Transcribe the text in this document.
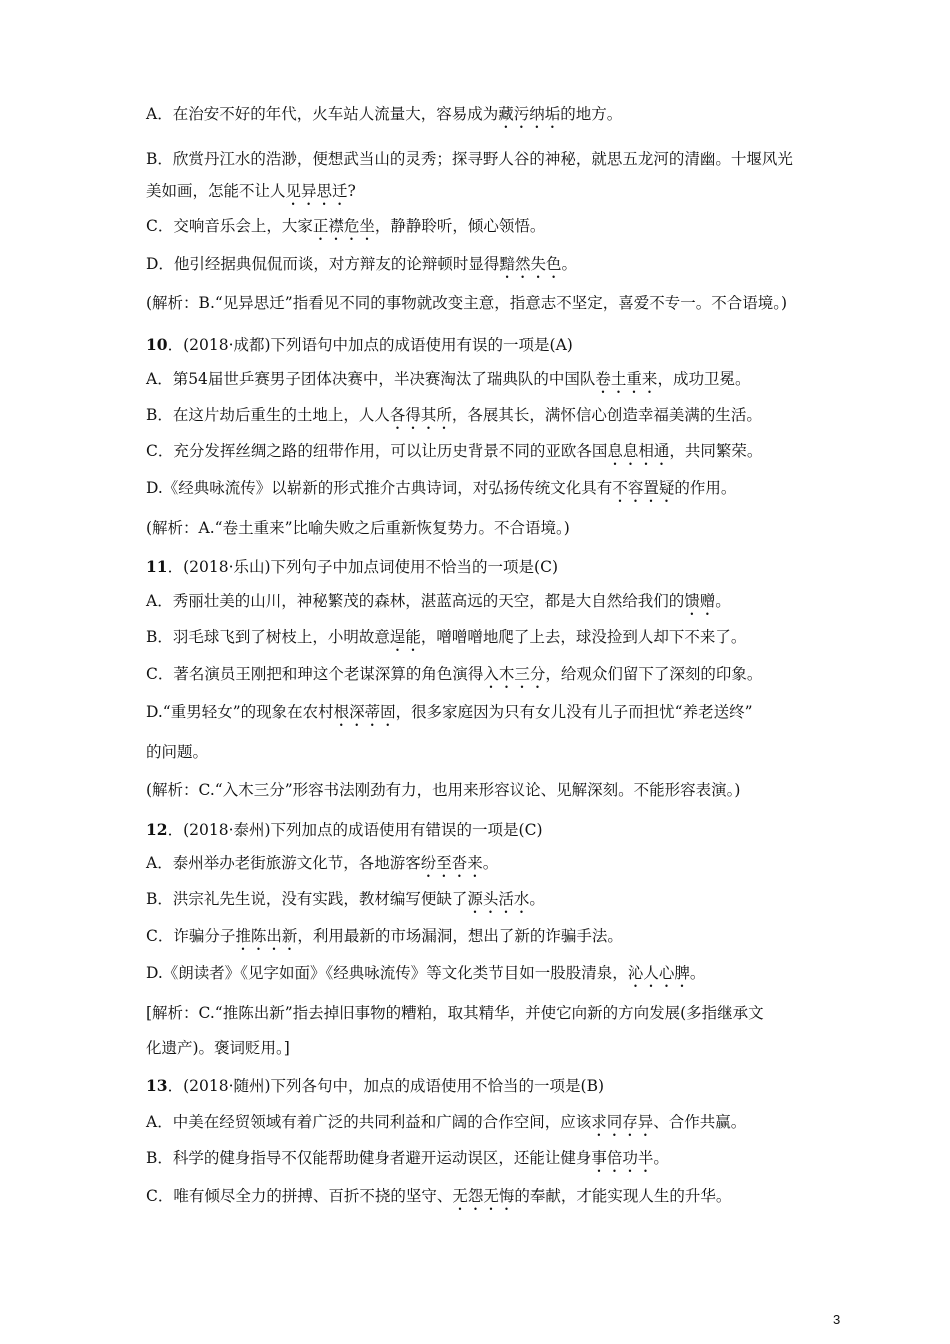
A．在治安不好的年代，火车站人流量大，容易成为藏污纳垢的地方。
B．欣赏丹江水的浩渺，便想武当山的灵秀；探寻野人谷的神秘，就思五龙河的清幽。十堰风光
美如画，怎能不让人见异思迁?
C．交响音乐会上，大家正襟危坐，静静聆听，倾心领悟。
D．他引经据典侃侃而谈，对方辩友的论辩顿时显得黯然失色。
(解析：B.“见异思迁”指看见不同的事物就改变主意，指意志不坚定，喜爱不专一。不合语境。)
10．(2018·成都)下列语句中加点的成语使用有误的一项是(A)
A．第54届世乒赛男子团体决赛中，半决赛淘汰了瑞典队的中国队卷土重来，成功卫冕。
B．在这片劫后重生的土地上，人人各得其所，各展其长，满怀信心创造幸福美满的生活。
C．充分发挥丝绸之路的纽带作用，可以让历史背景不同的亚欧各国息息相通，共同繁荣。
D.《经典咏流传》以崭新的形式推介古典诗词，对弘扬传统文化具有不容置疑的作用。
(解析：A.“卷土重来”比喻失败之后重新恢复势力。不合语境。)
11．(2018·乐山)下列句子中加点词使用不恰当的一项是(C)
A．秀丽壮美的山川，神秘繁茂的森林，湛蓝高远的天空，都是大自然给我们的馈赠。
B．羽毛球飞到了树枝上，小明故意逞能，噌噌噌地爬了上去，球没捡到人却下不来了。
C．著名演员王刚把和珅这个老谋深算的角色演得入木三分，给观众们留下了深刻的印象。
D.“重男轻女”的现象在农村根深蒂固，很多家庭因为只有女儿没有儿子而担忧“养老送终”
的问题。
(解析：C.“入木三分”形容书法刚劲有力，也用来形容议论、见解深刻。不能形容表演。)
12．(2018·泰州)下列加点的成语使用有错误的一项是(C)
A．泰州举办老街旅游文化节，各地游客纷至沓来。
B．洪宗礼先生说，没有实践，教材编写便缺了源头活水。
C．诈骗分子推陈出新，利用最新的市场漏洞，想出了新的诈骗手法。
D.《朗读者》《见字如面》《经典咏流传》等文化类节目如一股股清泉，沁人心脾。
[解析：C.“推陈出新”指去掉旧事物的糟粕，取其精华，并使它向新的方向发展(多指继承文
化遗产)。褒词贬用。]
13．(2018·随州)下列各句中，加点的成语使用不恰当的一项是(B)
A．中美在经贸领域有着广泛的共同利益和广阔的合作空间，应该求同存异、合作共赢。
B．科学的健身指导不仅能帮助健身者避开运动误区，还能让健身事倍功半。
C．唯有倾尽全力的拼搏、百折不挠的坚守、无怨无悔的奉献，才能实现人生的升华。
3
